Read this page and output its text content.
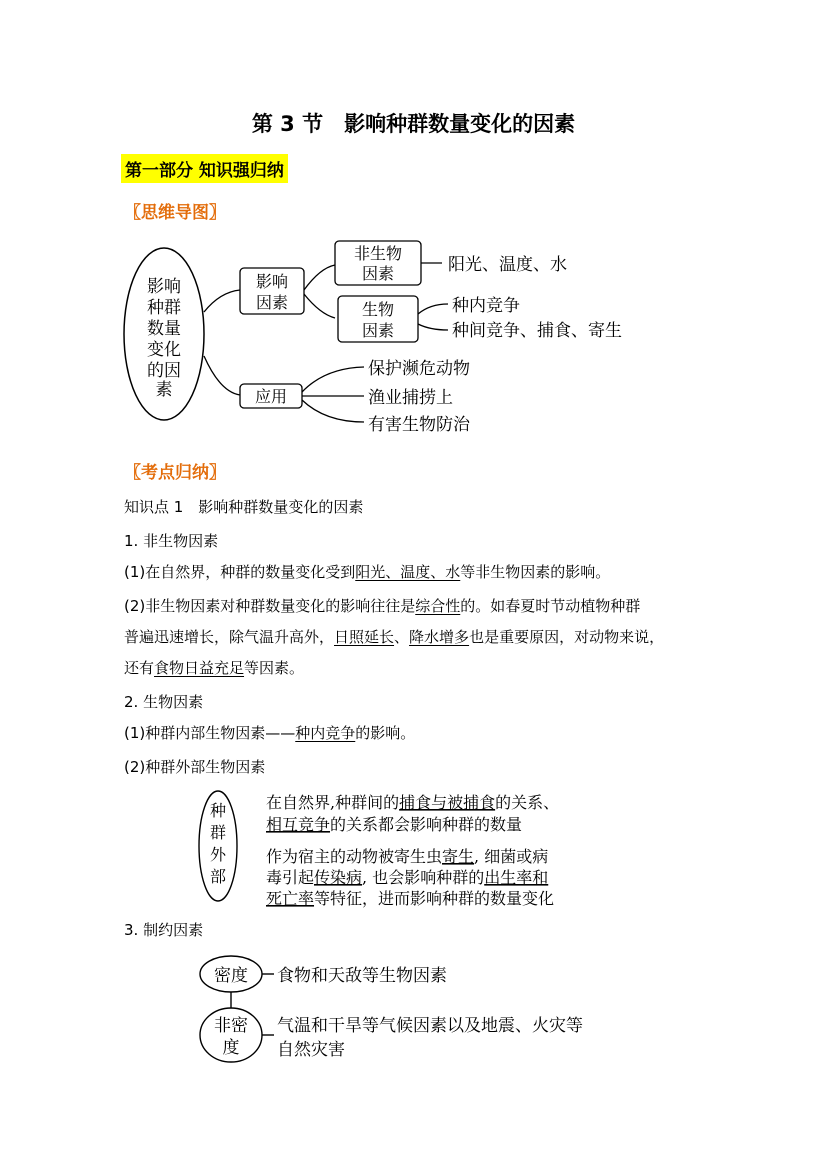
第 3 节　影响种群数量变化的因素
第一部分 知识强归纳
〖思维导图〗
影响
种群
数量
变化
的因
素
影响
因素
非生物
因素	阳光、温度、水
生物
因素
种内竞争
种间竞争、捕食、寄生
应用
保护濒危动物
渔业捕捞上
有害生物防治
〖考点归纳〗
知识点 1　影响种群数量变化的因素
1. 非生物因素
(1)在自然界，种群的数量变化受到阳光、温度、水等非生物因素的影响。
(2)非生物因素对种群数量变化的影响往往是综合性的。如春夏时节动植物种群
普遍迅速增长，除气温升高外，日照延长、降水增多也是重要原因，对动物来说，
还有食物日益充足等因素。
2. 生物因素
(1)种群内部生物因素——种内竞争的影响。
(2)种群外部生物因素
种
群
外
部
在自然界,种群间的捕食与被捕食的关系、
相互竞争的关系都会影响种群的数量
作为宿主的动物被寄生虫寄生, 细菌或病
毒引起传染病, 也会影响种群的出生率和
死亡率等特征，进而影响种群的数量变化
3. 制约因素
密度 食物和天敌等生物因素
非密
度
气温和干旱等气候因素以及地震、火灾等
自然灾害
